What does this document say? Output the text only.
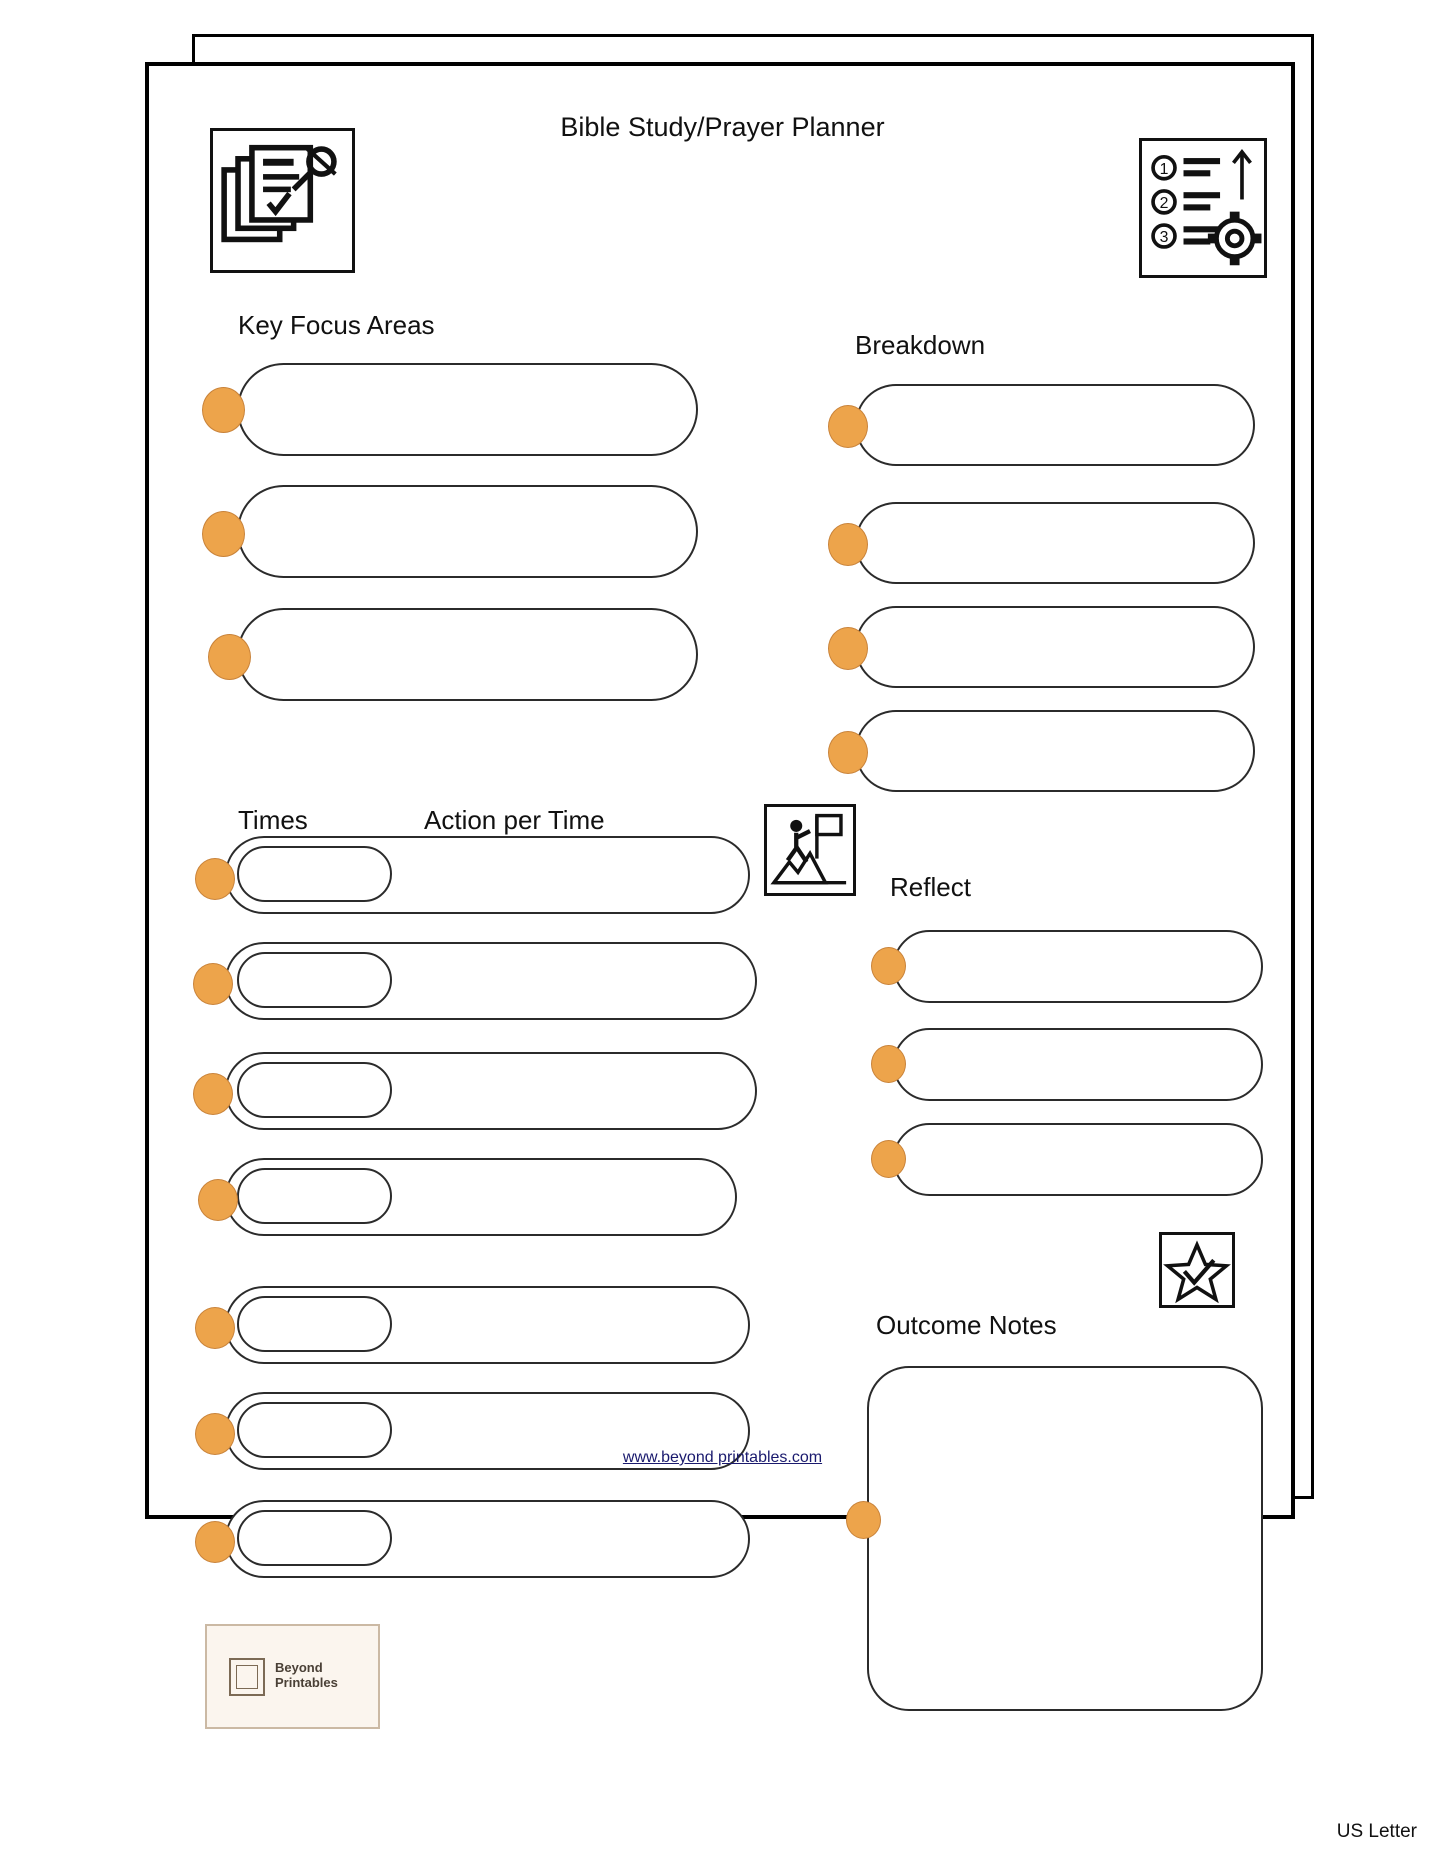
Bible Study/Prayer Planner
1
2
3
Key Focus Areas
Breakdown
Times	Action per Time
Reflect
Outcome Notes
Beyond
Printables
www.beyond printables.com
US Letter
